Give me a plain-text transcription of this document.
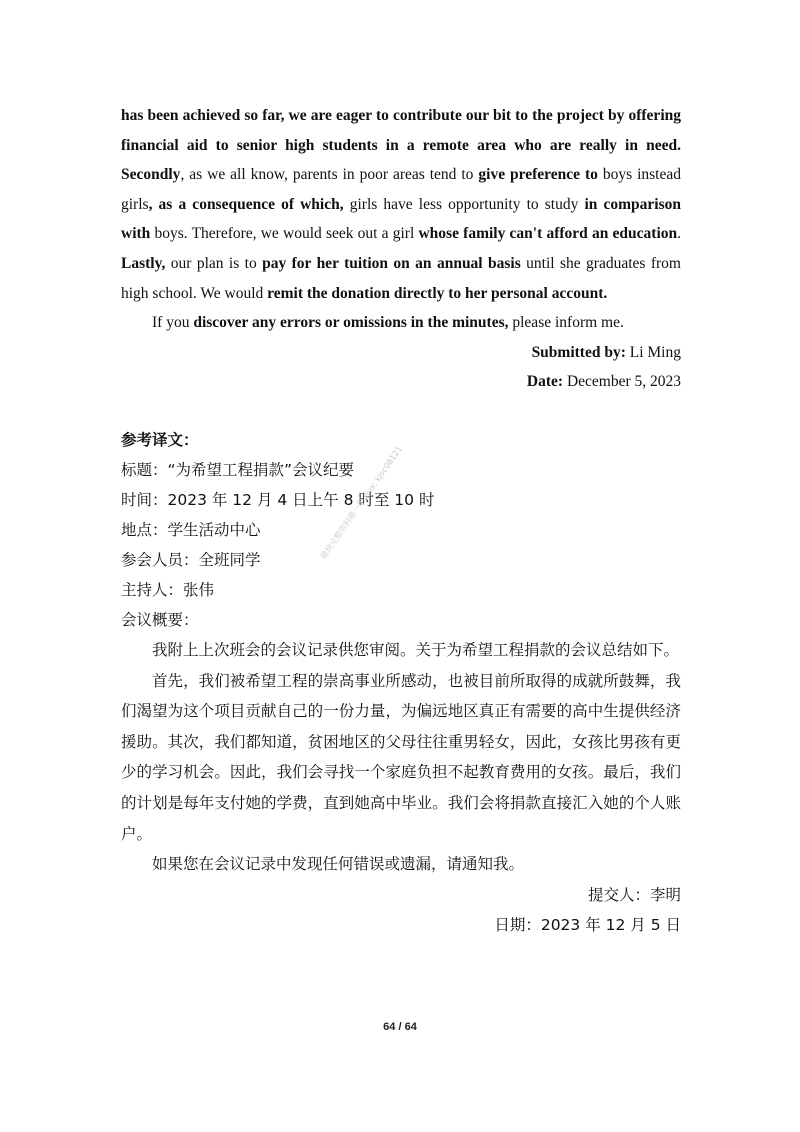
has been achieved so far, we are eager to contribute our bit to the project by offering financial aid to senior high students in a remote area who are really in need. Secondly, as we all know, parents in poor areas tend to give preference to boys instead girls, as a consequence of which, girls have less opportunity to study in comparison with boys. Therefore, we would seek out a girl whose family can't afford an education. Lastly, our plan is to pay for her tuition on an annual basis until she graduates from high school. We would remit the donation directly to her personal account.

If you discover any errors or omissions in the minutes, please inform me.

Submitted by: Li Ming

Date: December 5, 2023

参考译文：

标题：“为希望工程捐款”会议纪要

时间：2023 年 12 月 4 日上午 8 时至 10 时

地点：学生活动中心

参会人员：全班同学

主持人：张伟

会议概要：

我附上上次班会的会议记录供您审阅。关于为希望工程捐款的会议总结如下。

首先，我们被希望工程的崇高事业所感动，也被目前所取得的成就所鼓舞，我们渴望为这个项目贡献自己的一份力量，为偏远地区真正有需要的高中生提供经济援助。其次，我们都知道，贫困地区的父母往往重男轻女，因此，女孩比男孩有更少的学习机会。因此，我们会寻找一个家庭负担不起教育费用的女孩。最后，我们的计划是每年支付她的学费，直到她高中毕业。我们会将捐款直接汇入她的个人账户。

如果您在会议记录中发现任何错误或遗漏，请通知我。

提交人：李明

日期：2023 年 12 月 5 日

最快完整资料唯一渠道vx: kjsc08121
64 / 64
